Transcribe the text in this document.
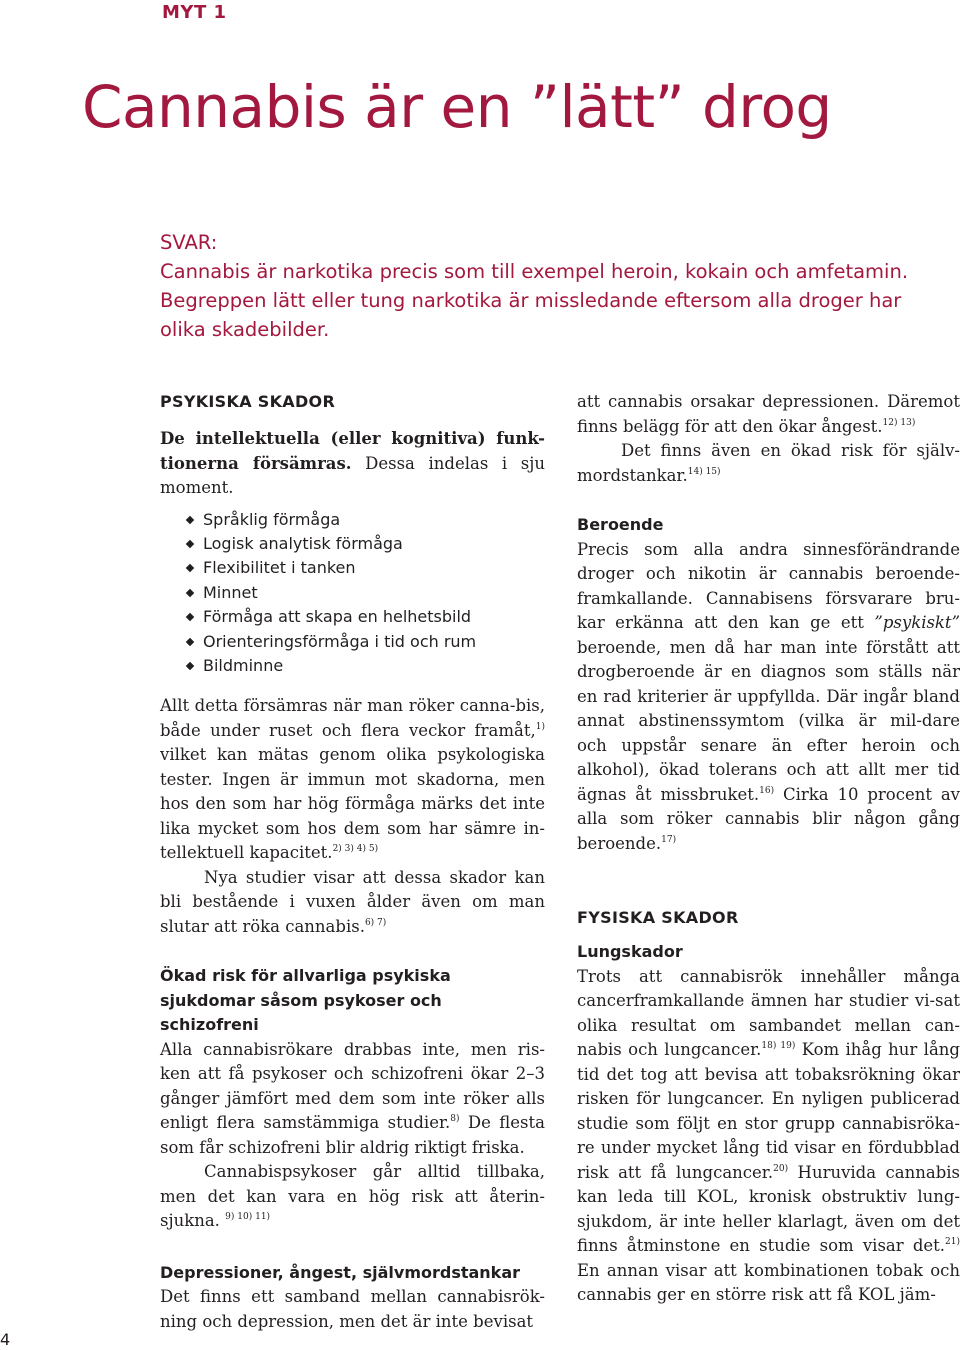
MYT 1
Cannabis är en ”lätt” drog
SVAR:
Cannabis är narkotika precis som till exempel heroin, kokain och amfetamin.
Begreppen lätt eller tung narkotika är missledande eftersom alla droger har
olika skadebilder.
PSYKISKA SKADOR

De intellektuella (eller kognitiva) funk-tionerna försämras. Dessa indelas i sju moment.

Språklig förmåga
Logisk analytisk förmåga
Flexibilitet i tanken
Minnet
Förmåga att skapa en helhetsbild
Orienteringsförmåga i tid och rum
Bildminne

Allt detta försämras när man röker canna-bis, både under ruset och flera veckor framåt,$^{1)}$ vilket kan mätas genom olika psykologiska tester. Ingen är immun mot skadorna, men hos den som har hög förmåga märks det inte lika mycket som hos dem som har sämre in-tellektuell kapacitet.$^{2) 3) 4) 5)}$

Nya studier visar att dessa skador kan bli bestående i vuxen ålder även om man slutar att röka cannabis.$^{6) 7)}$

Ökad risk för allvarliga psykiska sjukdomar såsom psykoser och schizofreni

Alla cannabisrökare drabbas inte, men ris-ken att få psykoser och schizofreni ökar 2–3 gånger jämfört med dem som inte röker alls enligt flera samstämmiga studier.$^{8)}$ De flesta som får schizofreni blir aldrig riktigt friska.

Cannabispsykoser går alltid tillbaka, men det kan vara en hög risk att återin-sjukna. $^{9) 10) 11)}$

Depressioner, ångest, självmordstankar

Det finns ett samband mellan cannabisrök-ning och depression, men det är inte bevisat

att cannabis orsakar depressionen. Däremot finns belägg för att den ökar ångest.$^{12) 13)}$

Det finns även en ökad risk för själv-mordstankar.$^{14) 15)}$

Beroende

Precis som alla andra sinnesförändrande droger och nikotin är cannabis beroende-framkallande. Cannabisens försvarare bru-kar erkänna att den kan ge ett ”psykiskt” beroende, men då har man inte förstått att drogberoende är en diagnos som ställs när en rad kriterier är uppfyllda. Där ingår bland annat abstinenssymtom (vilka är mil-dare och uppstår senare än efter heroin och alkohol), ökad tolerans och att allt mer tid ägnas åt missbruket.$^{16)}$ Cirka 10 procent av alla som röker cannabis blir någon gång beroende.$^{17)}$

FYSISKA SKADOR
Lungskador

Trots att cannabisrök innehåller många cancerframkallande ämnen har studier vi-sat olika resultat om sambandet mellan can-nabis och lungcancer.$^{18) 19)}$ Kom ihåg hur lång tid det tog att bevisa att tobaksrökning ökar risken för lungcancer. En nyligen publicerad studie som följt en stor grupp cannabisröka-re under mycket lång tid visar en fördubblad risk att få lungcancer.$^{20)}$ Huruvida cannabis kan leda till KOL, kronisk obstruktiv lung-sjukdom, är inte heller klarlagt, även om det finns åtminstone en studie som visar det.$^{21)}$ En annan visar att kombinationen tobak och cannabis ger en större risk att få KOL jäm-

4
